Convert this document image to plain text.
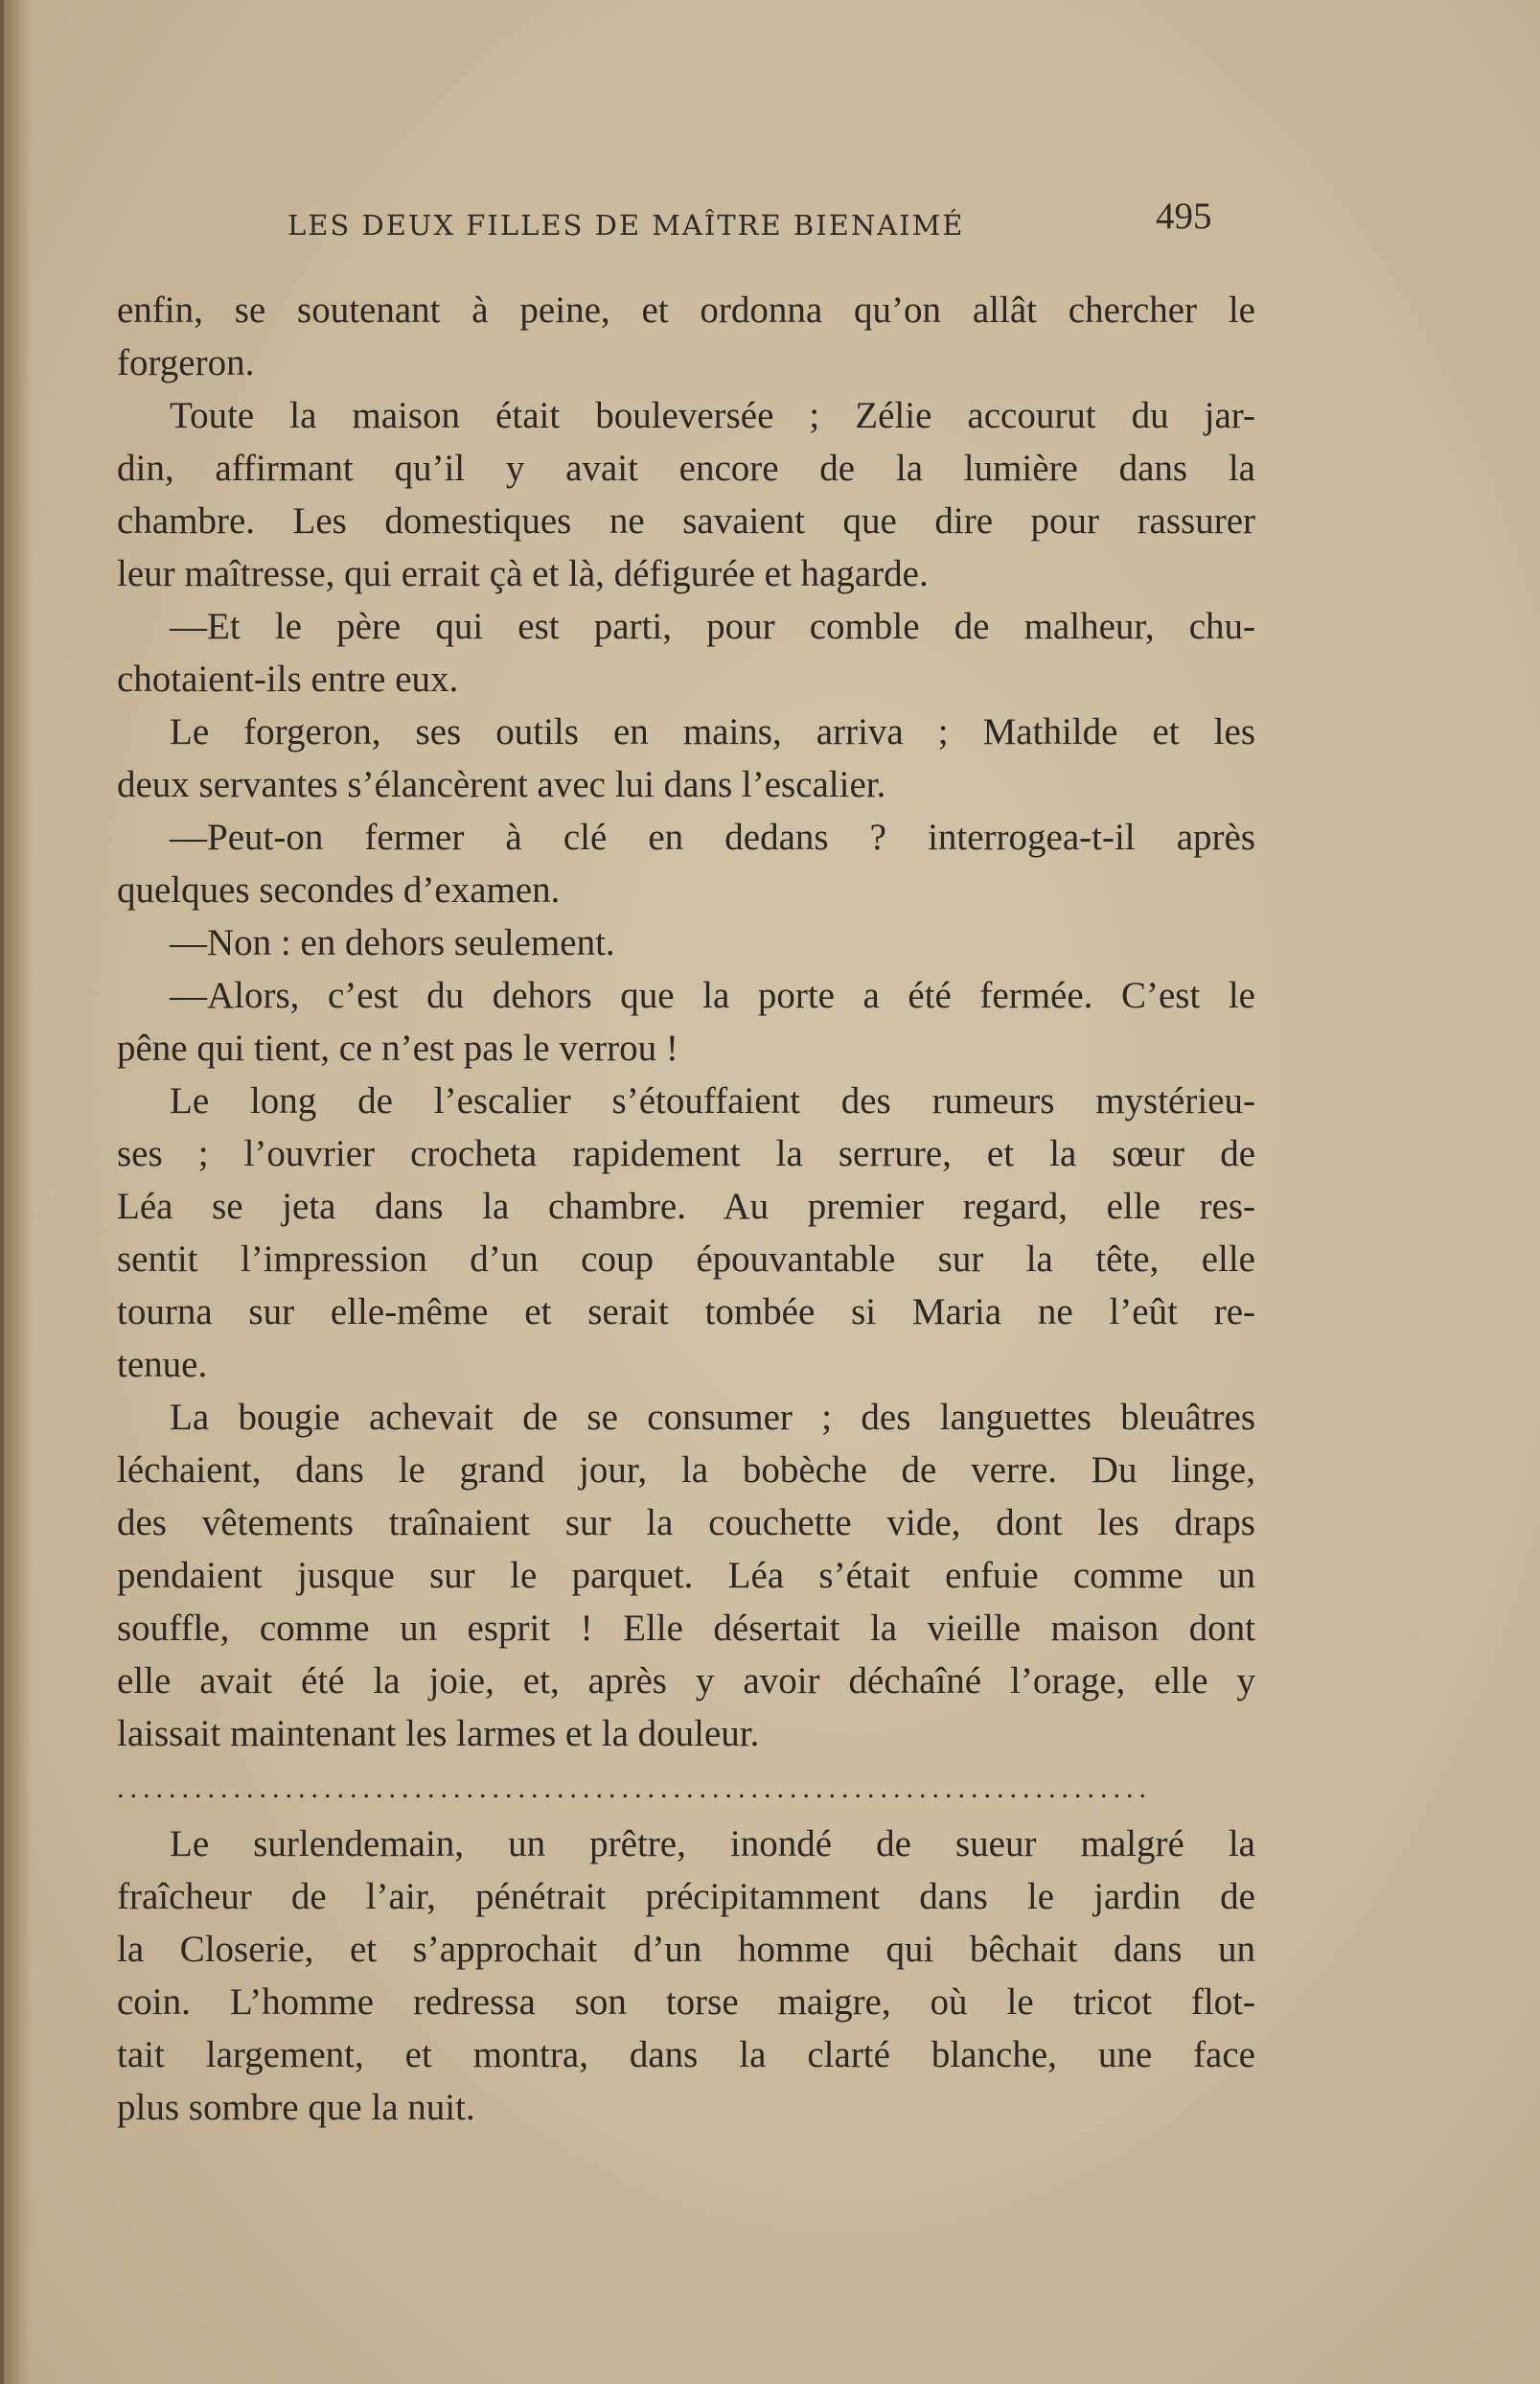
LES DEUX FILLES DE MAÎTRE BIENAIMÉ	495
enfin, se soutenant à peine, et ordonna qu’on allât chercher le
forgeron.
Toute la maison était bouleversée ; Zélie accourut du jar-
din, affirmant qu’il y avait encore de la lumière dans la
chambre. Les domestiques ne savaient que dire pour rassurer
leur maîtresse, qui errait çà et là, défigurée et hagarde.
—Et le père qui est parti, pour comble de malheur, chu-
chotaient-ils entre eux.
Le forgeron, ses outils en mains, arriva ; Mathilde et les
deux servantes s’élancèrent avec lui dans l’escalier.
—Peut-on fermer à clé en dedans ? interrogea-t-il après
quelques secondes d’examen.
—Non : en dehors seulement.
—Alors, c’est du dehors que la porte a été fermée. C’est le
pêne qui tient, ce n’est pas le verrou !
Le long de l’escalier s’étouffaient des rumeurs mystérieu-
ses ; l’ouvrier crocheta rapidement la serrure, et la sœur de
Léa se jeta dans la chambre. Au premier regard, elle res-
sentit l’impression d’un coup épouvantable sur la tête, elle
tourna sur elle-même et serait tombée si Maria ne l’eût re-
tenue.
La bougie achevait de se consumer ; des languettes bleuâtres
léchaient, dans le grand jour, la bobèche de verre. Du linge,
des vêtements traînaient sur la couchette vide, dont les draps
pendaient jusque sur le parquet. Léa s’était enfuie comme un
souffle, comme un esprit ! Elle désertait la vieille maison dont
elle avait été la joie, et, après y avoir déchaîné l’orage, elle y
laissait maintenant les larmes et la douleur.
................................................................................
Le surlendemain, un prêtre, inondé de sueur malgré la
fraîcheur de l’air, pénétrait précipitamment dans le jardin de
la Closerie, et s’approchait d’un homme qui bêchait dans un
coin. L’homme redressa son torse maigre, où le tricot flot-
tait largement, et montra, dans la clarté blanche, une face
plus sombre que la nuit.
